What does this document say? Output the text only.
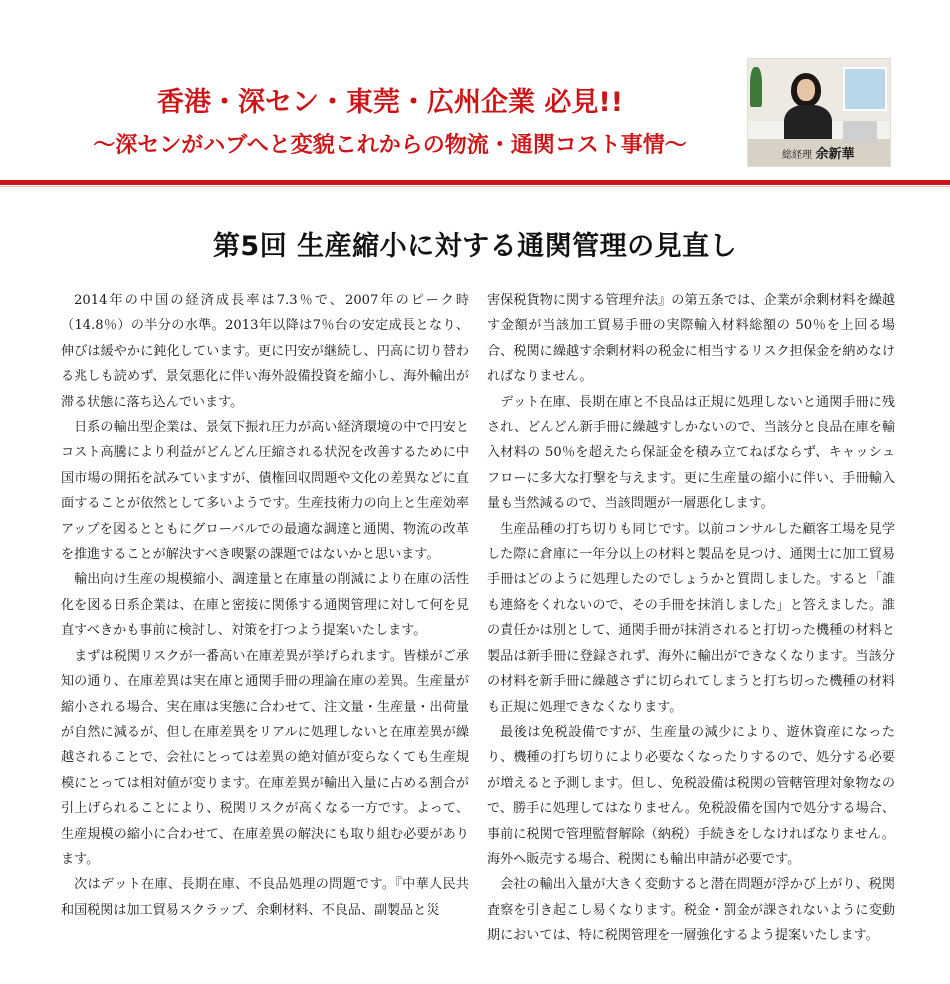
香港・深セン・東莞・広州企業 必見!!
〜深センがハブへと変貌これからの物流・通関コスト事情〜	総経理 余新華
第5回 生産縮小に対する通関管理の見直し

2014年の中国の経済成長率は7.3％で、2007年のピーク時（14.8％）の半分の水準。2013年以降は7％台の安定成長となり、伸びは緩やかに鈍化しています。更に円安が継続し、円高に切り替わる兆しも読めず、景気悪化に伴い海外設備投資を縮小し、海外輸出が滞る状態に落ち込んでいます。

日系の輸出型企業は、景気下振れ圧力が高い経済環境の中で円安とコスト高騰により利益がどんどん圧縮される状況を改善するために中国市場の開拓を試みていますが、債権回収問題や文化の差異などに直面することが依然として多いようです。生産技術力の向上と生産効率アップを図るとともにグローバルでの最適な調達と通関、物流の改革を推進することが解決すべき喫緊の課題ではないかと思います。

輸出向け生産の規模縮小、調達量と在庫量の削減により在庫の活性化を図る日系企業は、在庫と密接に関係する通関管理に対して何を見直すべきかも事前に検討し、対策を打つよう提案いたします。

まずは税関リスクが一番高い在庫差異が挙げられます。皆様がご承知の通り、在庫差異は実在庫と通関手冊の理論在庫の差異。生産量が縮小される場合、実在庫は実態に合わせて、注文量・生産量・出荷量が自然に減るが、但し在庫差異をリアルに処理しないと在庫差異が繰越されることで、会社にとっては差異の絶対値が変らなくても生産規模にとっては相対値が変ります。在庫差異が輸出入量に占める割合が引上げられることにより、税関リスクが高くなる一方です。よって、生産規模の縮小に合わせて、在庫差異の解決にも取り組む必要があります。

次はデット在庫、長期在庫、不良品処理の問題です。『中華人民共和国税関は加工貿易スクラップ、余剰材料、不良品、副製品と災

害保税貨物に関する管理弁法』の第五条では、企業が余剰材料を繰越す金額が当該加工貿易手冊の実際輸入材料総額の 50％を上回る場合、税関に繰越す余剰材料の税金に相当するリスク担保金を納めなければなりません。

デット在庫、長期在庫と不良品は正規に処理しないと通関手冊に残され、どんどん新手冊に繰越すしかないので、当該分と良品在庫を輸入材料の 50％を超えたら保証金を積み立てねばならず、キャッシュフローに多大な打撃を与えます。更に生産量の縮小に伴い、手冊輸入量も当然減るので、当該問題が一層悪化します。

生産品種の打ち切りも同じです。以前コンサルした顧客工場を見学した際に倉庫に一年分以上の材料と製品を見つけ、通関士に加工貿易手冊はどのように処理したのでしょうかと質問しました。すると「誰も連絡をくれないので、その手冊を抹消しました」と答えました。誰の責任かは別として、通関手冊が抹消されると打切った機種の材料と製品は新手冊に登録されず、海外に輸出ができなくなります。当該分の材料を新手冊に繰越さずに切られてしまうと打ち切った機種の材料も正規に処理できなくなります。

最後は免税設備ですが、生産量の減少により、遊休資産になったり、機種の打ち切りにより必要なくなったりするので、処分する必要が増えると予測します。但し、免税設備は税関の管轄管理対象物なので、勝手に処理してはなりません。免税設備を国内で処分する場合、事前に税関で管理監督解除（納税）手続きをしなければなりません。海外へ販売する場合、税関にも輸出申請が必要です。

会社の輸出入量が大きく変動すると潜在問題が浮かび上がり、税関査察を引き起こし易くなります。税金・罰金が課されないように変動期においては、特に税関管理を一層強化するよう提案いたします。
